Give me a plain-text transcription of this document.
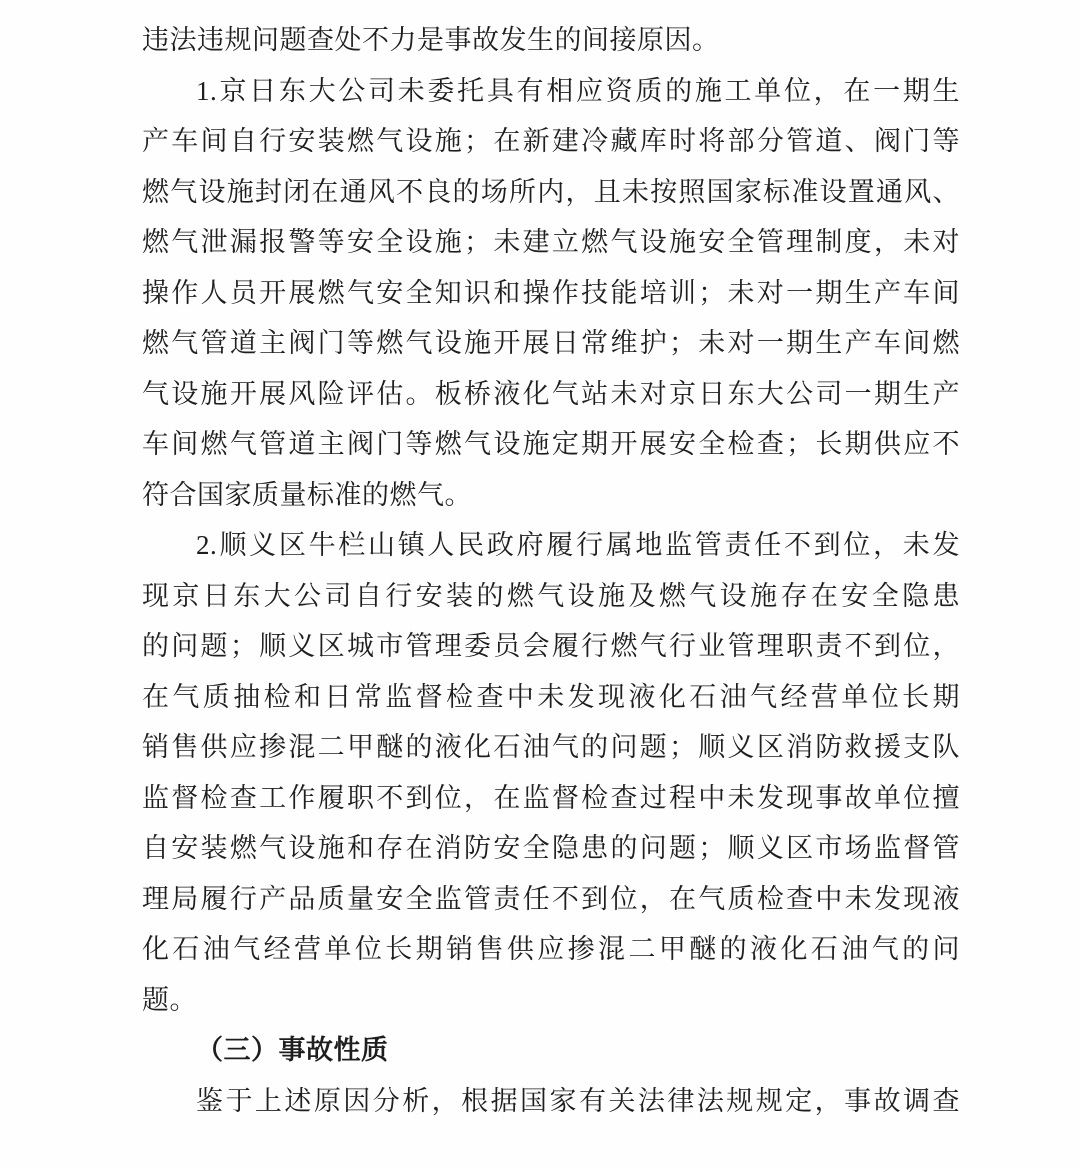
违法违规问题查处不力是事故发生的间接原因。
1.京日东大公司未委托具有相应资质的施工单位，在一期生
产车间自行安装燃气设施；在新建冷藏库时将部分管道、阀门等
燃气设施封闭在通风不良的场所内，且未按照国家标准设置通风、
燃气泄漏报警等安全设施；未建立燃气设施安全管理制度，未对
操作人员开展燃气安全知识和操作技能培训；未对一期生产车间
燃气管道主阀门等燃气设施开展日常维护；未对一期生产车间燃
气设施开展风险评估。板桥液化气站未对京日东大公司一期生产
车间燃气管道主阀门等燃气设施定期开展安全检查；长期供应不
符合国家质量标准的燃气。
2.顺义区牛栏山镇人民政府履行属地监管责任不到位，未发
现京日东大公司自行安装的燃气设施及燃气设施存在安全隐患
的问题；顺义区城市管理委员会履行燃气行业管理职责不到位，
在气质抽检和日常监督检查中未发现液化石油气经营单位长期
销售供应掺混二甲醚的液化石油气的问题；顺义区消防救援支队
监督检查工作履职不到位，在监督检查过程中未发现事故单位擅
自安装燃气设施和存在消防安全隐患的问题；顺义区市场监督管
理局履行产品质量安全监管责任不到位，在气质检查中未发现液
化石油气经营单位长期销售供应掺混二甲醚的液化石油气的问
题。
（三）事故性质
鉴于上述原因分析，根据国家有关法律法规规定，事故调查
